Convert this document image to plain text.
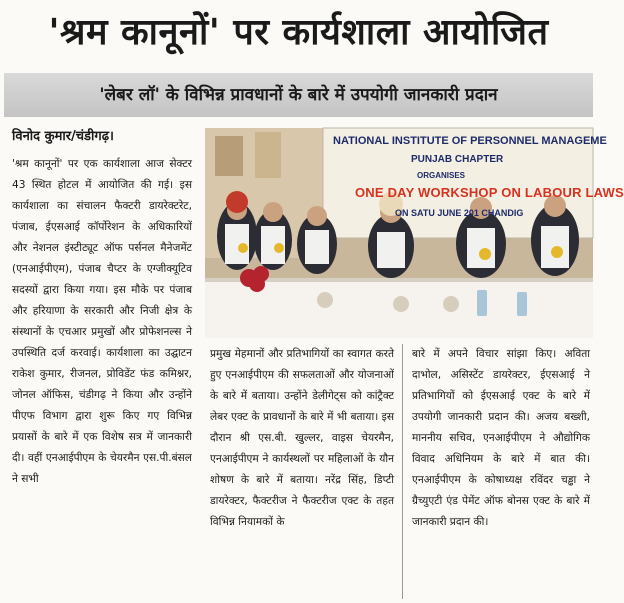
'श्रम कानूनों' पर कार्यशाला आयोजित
'लेबर लॉ' के विभिन्न प्रावधानों के बारे में उपयोगी जानकारी प्रदान
विनोद कुमार/चंडीगढ़।

'श्रम कानूनों' पर एक कार्यशाला आज सेक्टर 43 स्थित होटल में आयोजित की गई। इस कार्यशाला का संचालन फैक्टरी डायरेक्टरेट, पंजाब, ईएसआई कॉर्पोरेशन के अधिकारियों और नेशनल इंस्टीट्यूट ऑफ पर्सनल मैनेजमेंट (एनआईपीएम), पंजाब चैप्टर के एग्जीक्यूटिव सदस्यों द्वारा किया गया। इस मौके पर पंजाब और हरियाणा के सरकारी और निजी क्षेत्र के संस्थानों के एचआर प्रमुखों और प्रोफेशनल्स ने उपस्थिति दर्ज करवाई। कार्यशाला का उद्घाटन राकेश कुमार, रीजनल, प्रोविडेंट फंड कमिश्नर, जोनल ऑफिस, चंडीगढ़ ने किया और उन्होंने पीएफ विभाग द्वारा शुरू किए गए विभिन्न प्रयासों के बारे में एक विशेष सत्र में जानकारी दी। वहीं एनआईपीएम के चेयरमैन एस.पी.बंसल ने सभी

NATIONAL INSTITUTE OF PERSONNEL MANAGEME
PUNJAB CHAPTER
ORGANISES
ONE DAY WORKSHOP ON LABOUR LAWS
ON SATU JUNE 201 CHANDIG

प्रमुख मेहमानों और प्रतिभागियों का स्वागत करते हुए एनआईपीएम की सफलताओं और योजनाओं के बारे में बताया। उन्होंने डेलीगेट्स को कांट्रैक्ट लेबर एक्ट के प्रावधानों के बारे में भी बताया। इस दौरान श्री एस.बी. खुल्लर, वाइस चेयरमैन, एनआईपीएम ने कार्यस्थलों पर महिलाओं के यौन शोषण के बारे में बताया। नरेंद्र सिंह, डिप्टी डायरेक्टर, फैक्टरीज ने फैक्टरीज एक्ट के तहत विभिन्न नियामकों के

बारे में अपने विचार सांझा किए। अविता दाभोल, असिस्टेंट डायरेक्टर, ईएसआई ने प्रतिभागियों को ईएसआई एक्ट के बारे में उपयोगी जानकारी प्रदान की। अजय बख्शी, माननीय सचिव, एनआईपीएम ने औद्योगिक विवाद अधिनियम के बारे में बात की। एनआईपीएम के कोषाध्यक्ष रविंदर चड्ढा ने ग्रैच्युएटी एंड पेमेंट ऑफ बोनस एक्ट के बारे में जानकारी प्रदान की।
